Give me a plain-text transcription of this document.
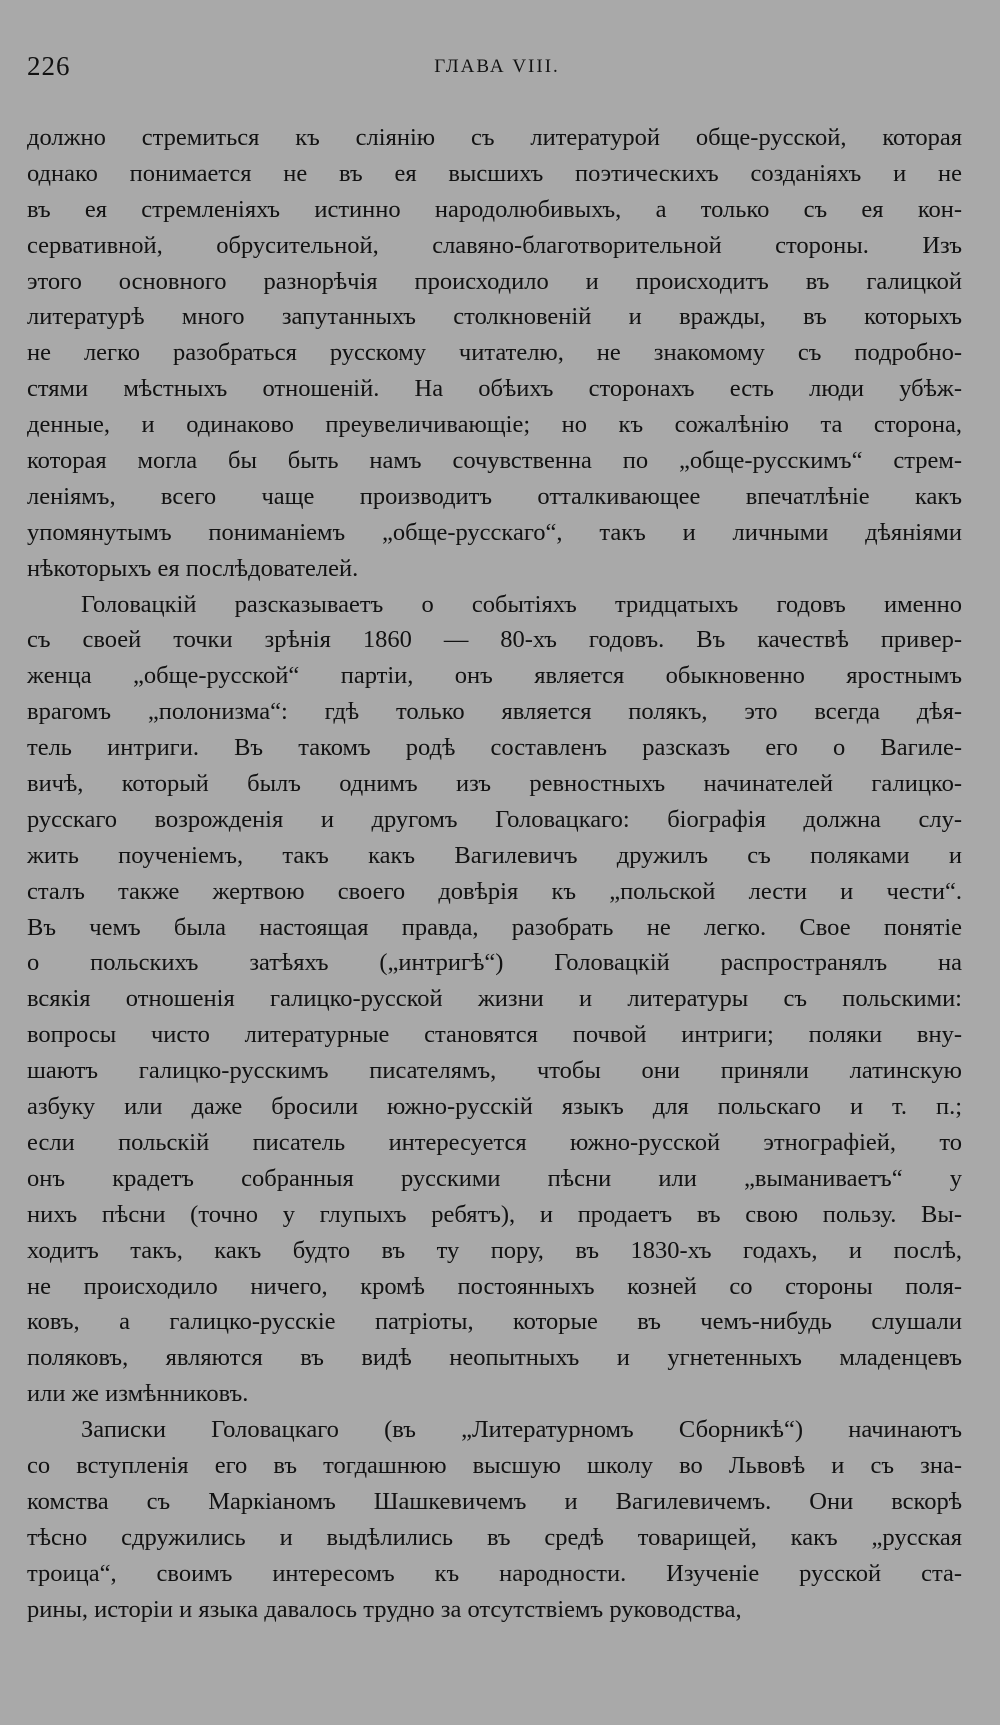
226	ГЛАВА VIII.
должно стремиться къ сліянію съ литературой обще-русской, которая
однако понимается не въ ея высшихъ поэтическихъ созданіяхъ и не
въ ея стремленіяхъ истинно народолюбивыхъ, а только съ ея кон-
сервативной, обрусительной, славяно-благотворительной стороны. Изъ
этого основного разнорѣчія происходило и происходитъ въ галицкой
литературѣ много запутанныхъ столкновеній и вражды, въ которыхъ
не легко разобраться русскому читателю, не знакомому съ подробно-
стями мѣстныхъ отношеній. На обѣихъ сторонахъ есть люди убѣж-
денные, и одинаково преувеличивающіе; но къ сожалѣнію та сторона,
которая могла бы быть намъ сочувственна по „обще-русскимъ“ стрем-
леніямъ, всего чаще производитъ отталкивающее впечатлѣніе какъ
упомянутымъ пониманіемъ „обще-русскаго“, такъ и личными дѣяніями
нѣкоторыхъ ея послѣдователей.
Головацкій разсказываетъ о событіяхъ тридцатыхъ годовъ именно
съ своей точки зрѣнія 1860 — 80-хъ годовъ. Въ качествѣ привер-
женца „обще-русской“ партіи, онъ является обыкновенно яростнымъ
врагомъ „полонизма“: гдѣ только является полякъ, это всегда дѣя-
тель интриги. Въ такомъ родѣ составленъ разсказъ его о Вагиле-
вичѣ, который былъ однимъ изъ ревностныхъ начинателей галицко-
русскаго возрожденія и другомъ Головацкаго: біографія должна слу-
жить поученіемъ, такъ какъ Вагилевичъ дружилъ съ поляками и
сталъ также жертвою своего довѣрія къ „польской лести и чести“.
Въ чемъ была настоящая правда, разобрать не легко. Свое понятіе
о польскихъ затѣяхъ („интригѣ“) Головацкій распространялъ на
всякія отношенія галицко-русской жизни и литературы съ польскими:
вопросы чисто литературные становятся почвой интриги; поляки вну-
шаютъ галицко-русскимъ писателямъ, чтобы они приняли латинскую
азбуку или даже бросили южно-русскій языкъ для польскаго и т. п.;
если польскій писатель интересуется южно-русской этнографіей, то
онъ крадетъ собранныя русскими пѣсни или „выманиваетъ“ у
нихъ пѣсни (точно у глупыхъ ребятъ), и продаетъ въ свою пользу. Вы-
ходитъ такъ, какъ будто въ ту пору, въ 1830-хъ годахъ, и послѣ,
не происходило ничего, кромѣ постоянныхъ козней со стороны поля-
ковъ, а галицко-русскіе патріоты, которые въ чемъ-нибудь слушали
поляковъ, являются въ видѣ неопытныхъ и угнетенныхъ младенцевъ
или же измѣнниковъ.
Записки Головацкаго (въ „Литературномъ Сборникѣ“) начинаютъ
со вступленія его въ тогдашнюю высшую школу во Львовѣ и съ зна-
комства съ Маркіаномъ Шашкевичемъ и Вагилевичемъ. Они вскорѣ
тѣсно сдружились и выдѣлились въ средѣ товарищей, какъ „русская
троица“, своимъ интересомъ къ народности. Изученіе русской ста-
рины, исторіи и языка давалось трудно за отсутствіемъ руководства,
